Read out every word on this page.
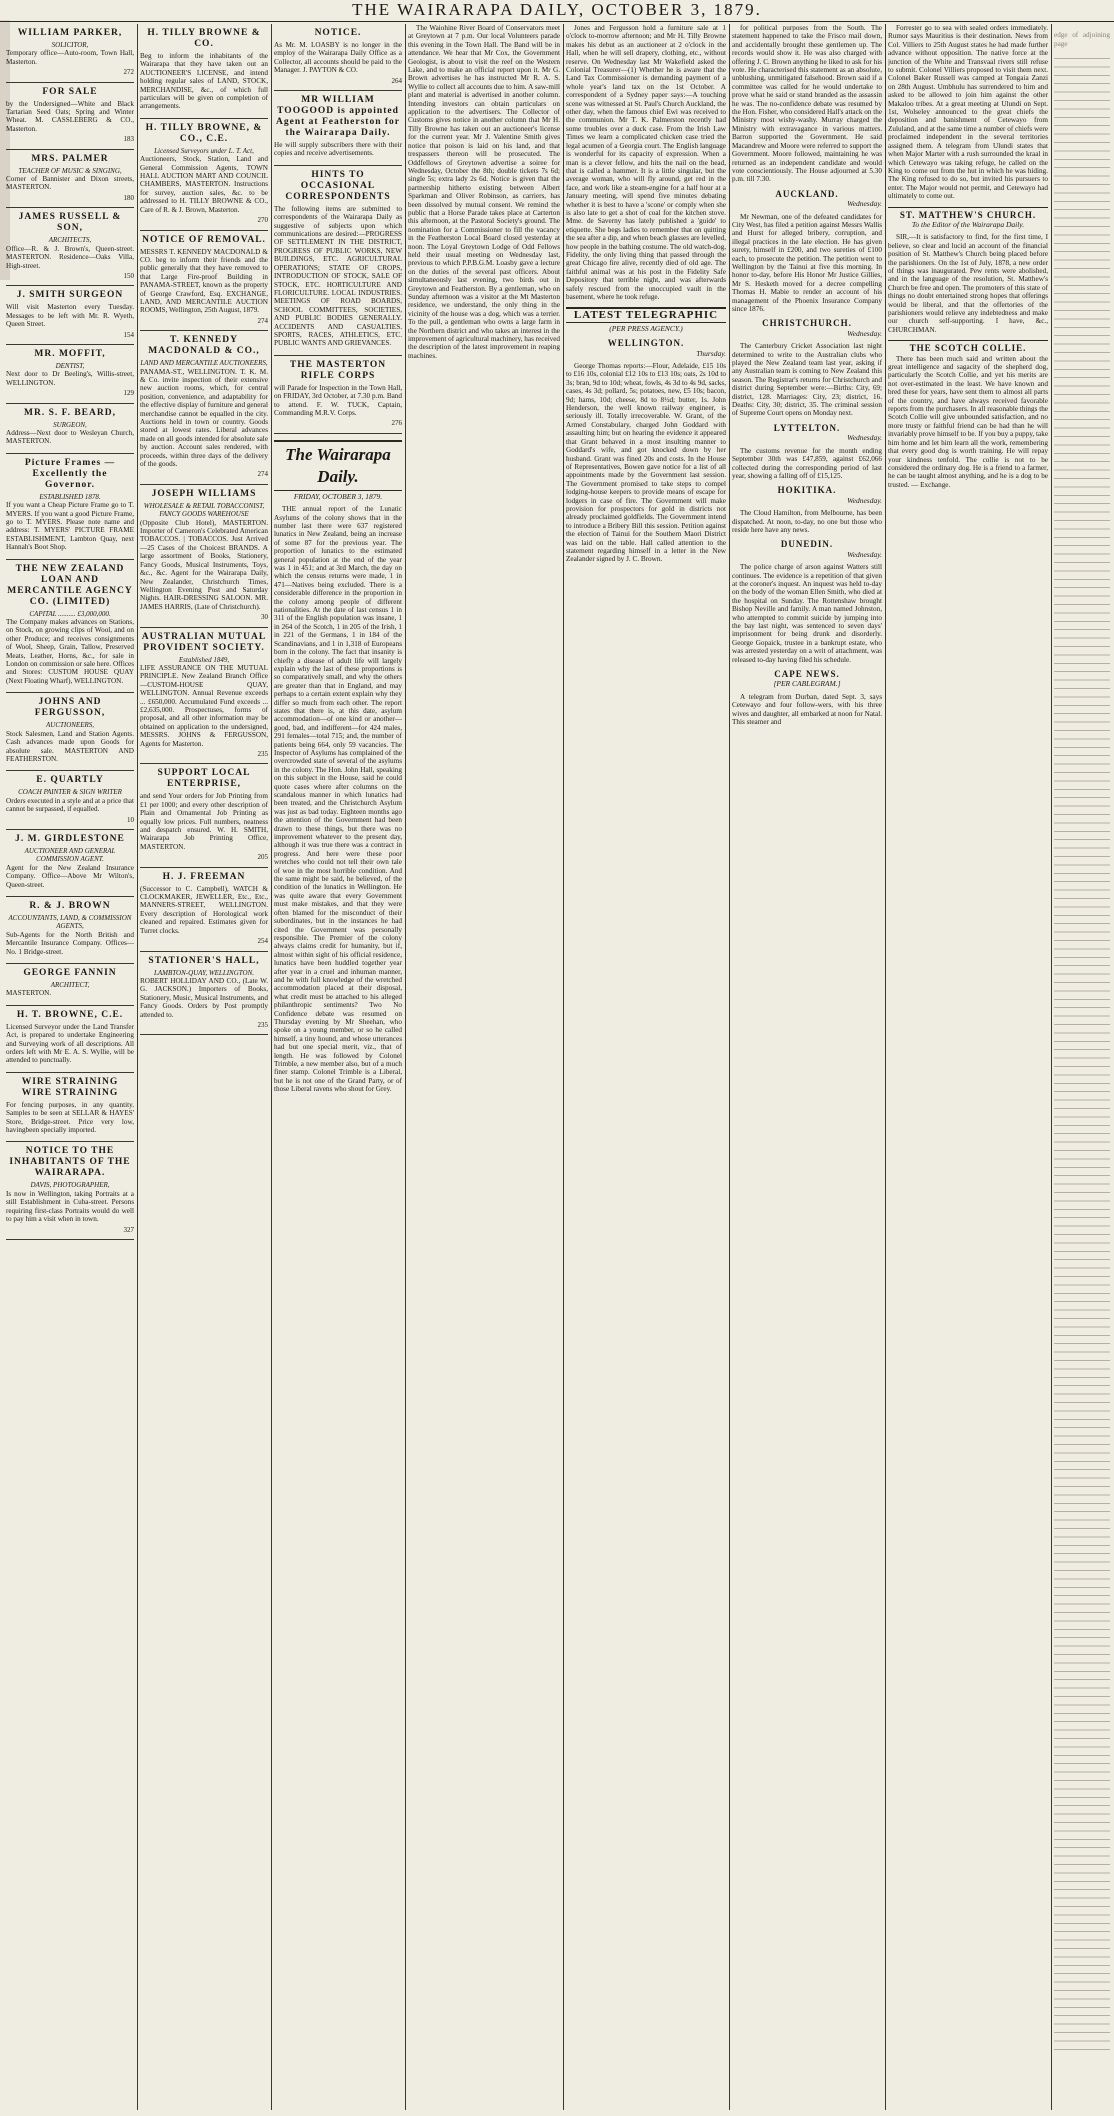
THE WAIRARAPA DAILY, OCTOBER 3, 1879.
WILLIAM PARKER,
SOLICITOR,

Temporary office—Auto-room, Town Hall, Masterton.

272
FOR SALE

by the Undersigned—White and Black Tartarian Seed Oats; Spring and Winter Wheat. M. CASSLEBERG & CO., Masterton.

183
MRS. PALMER
TEACHER OF MUSIC & SINGING,

Corner of Bannister and Dixon streets, MASTERTON.

180
JAMES RUSSELL & SON,
ARCHITECTS,

Office—R. & J. Brown's, Queen-street. MASTERTON. Residence—Oaks Villa, High-street.

150
J. SMITH SURGEON

Will visit Masterton every Tuesday. Messages to be left with Mr. R. Wyeth, Queen Street.

154
MR. MOFFIT,
DENTIST,

Next door to Dr Beeling's, Willis-street, WELLINGTON.

129
MR. S. F. BEARD,
SURGEON,

Address—Next door to Wesleyan Church, MASTERTON.

Picture Frames — Excellently the Governor.
ESTABLISHED 1878.

If you want a Cheap Picture Frame go to T. MYERS. If you want a good Picture Frame, go to T. MYERS. Please note name and address: T. MYERS' PICTURE FRAME ESTABLISHMENT, Lambton Quay, next Hannah's Boot Shop.

THE NEW ZEALAND LOAN AND MERCANTILE AGENCY CO. (LIMITED)
CAPITAL .......... £3,000,000.

The Company makes advances on Stations, on Stock, on growing clips of Wool, and on other Produce; and receives consignments of Wool, Sheep, Grain, Tallow, Preserved Meats, Leather, Horns, &c., for sale in London on commission or sale here. Offices and Stores: CUSTOM HOUSE QUAY (Next Floating Wharf), WELLINGTON.

JOHNS AND FERGUSSON,
AUCTIONEERS,

Stock Salesmen, Land and Station Agents. Cash advances made upon Goods for absolute sale. MASTERTON AND FEATHERSTON.

E. QUARTLY
COACH PAINTER & SIGN WRITER

Orders executed in a style and at a price that cannot be surpassed, if equalled.

10
J. M. GIRDLESTONE
AUCTIONEER AND GENERAL COMMISSION AGENT.

Agent for the New Zealand Insurance Company. Office—Above Mr Wilton's, Queen-street.

R. & J. BROWN
ACCOUNTANTS, LAND, & COMMISSION AGENTS,

Sub-Agents for the North British and Mercantile Insurance Company. Offices—No. 1 Bridge-street.

GEORGE FANNIN
ARCHITECT,

MASTERTON.

H. T. BROWNE, C.E.

Licensed Surveyor under the Land Transfer Act, is prepared to undertake Engineering and Surveying work of all descriptions. All orders left with Mr E. A. S. Wyllie, will be attended to punctually.

WIRE STRAINING WIRE STRAINING

For fencing purposes, in any quantity. Samples to be seen at SELLAR & HAYES' Store, Bridge-street. Price very low, havingbeen specially imported.

NOTICE TO THE INHABITANTS OF THE WAIRARAPA.
DAVIS, PHOTOGRAPHER,

Is now in Wellington, taking Portraits at a still Establishment in Cuba-street. Persons requiring first-class Portraits would do well to pay him a visit when in town.

327
H. TILLY BROWNE & CO.

Beg to inform the inhabitants of the Wairarapa that they have taken out an AUCTIONEER'S LICENSE, and intend holding regular sales of LAND, STOCK, MERCHANDISE, &c., of which full particulars will be given on completion of arrangements.

H. TILLY BROWNE, & CO., C.E.
Licensed Surveyors under L. T. Act,

Auctioneers, Stock, Station, Land and General Commission Agents, TOWN HALL AUCTION MART AND COUNCIL CHAMBERS, MASTERTON. Instructions for survey, auction sales, &c. to be addressed to H. TILLY BROWNE & CO., Care of R. & J. Brown, Masterton.

270
NOTICE OF REMOVAL.

MESSRS T. KENNEDY MACDONALD & CO. beg to inform their friends and the public generally that they have removed to that Large Fire-proof Building in PANAMA-STREET, known as the property of George Crawford, Esq. EXCHANGE, LAND, AND MERCANTILE AUCTION ROOMS, Wellington, 25th August, 1879.

274
T. KENNEDY MACDONALD & CO.,
LAND AND MERCANTILE AUCTIONEERS,

PANAMA-ST., WELLINGTON. T. K. M. & Co. invite inspection of their extensive new auction rooms, which, for central position, convenience, and adaptability for the effective display of furniture and general merchandise cannot be equalled in the city. Auctions held in town or country. Goods stored at lowest rates. Liberal advances made on all goods intended for absolute sale by auction. Account sales rendered, with proceeds, within three days of the delivery of the goods.

274
JOSEPH WILLIAMS
WHOLESALE & RETAIL TOBACCONIST, FANCY GOODS WAREHOUSE

(Opposite Club Hotel), MASTERTON. Importer of Cameron's Celebrated American TOBACCOS. | TOBACCOS. Just Arrived—25 Cases of the Choicest BRANDS. A large assortment of Books, Stationery, Fancy Goods, Musical Instruments, Toys, &c., &c. Agent for the Wairarapa Daily, New Zealander, Christchurch Times, Wellington Evening Post and Saturday Nights. HAIR-DRESSING SALOON. MR. JAMES HARRIS, (Late of Christchurch).

30
AUSTRALIAN MUTUAL PROVIDENT SOCIETY.
Established 1849,

LIFE ASSURANCE ON THE MUTUAL PRINCIPLE. New Zealand Branch Office—CUSTOM-HOUSE QUAY, WELLINGTON. Annual Revenue exceeds ... £650,000. Accumulated Fund exceeds ... £2,635,000. Prospectuses, forms of proposal, and all other information may be obtained on application to the undersigned, MESSRS. JOHNS & FERGUSSON, Agents for Masterton.

235
SUPPORT LOCAL ENTERPRISE,

and send Your orders for Job Printing from £1 per 1000; and every other description of Plain and Ornamental Job Printing as equally low prices. Full numbers, neatness and despatch ensured. W. H. SMITH, Wairarapa Job Printing Office, MASTERTON.

205
H. J. FREEMAN

(Successor to C. Campbell), WATCH & CLOCKMAKER, JEWELLER, Etc., Etc., MANNERS-STREET, WELLINGTON. Every description of Horological work cleaned and repaired. Estimates given for Turret clocks.

254
STATIONER'S HALL,
LAMBTON-QUAY, WELLINGTON.

ROBERT HOLLIDAY AND CO., (Late W. G. JACKSON.) Importers of Books, Stationery, Music, Musical Instruments, and Fancy Goods. Orders by Post promptly attended to.

235
NOTICE.

As Mr. M. LOASBY is no longer in the employ of the Wairarapa Daily Office as a Collector, all accounts should be paid to the Manager. J. PAYTON & CO.

264
MR WILLIAM TOOGOOD is appointed Agent at Featherston for the Wairarapa Daily.

He will supply subscribers there with their copies and receive advertisements.

HINTS TO OCCASIONAL CORRESPONDENTS

The following items are submitted to correspondents of the Wairarapa Daily as suggestive of subjects upon which communications are desired:—PROGRESS OF SETTLEMENT IN THE DISTRICT, PROGRESS OF PUBLIC WORKS, NEW BUILDINGS, ETC. AGRICULTURAL OPERATIONS; STATE OF CROPS, INTRODUCTION OF STOCK, SALE OF STOCK, ETC. HORTICULTURE AND FLORICULTURE. LOCAL INDUSTRIES. MEETINGS OF ROAD BOARDS, SCHOOL COMMITTEES, SOCIETIES, AND PUBLIC BODIES GENERALLY. ACCIDENTS AND CASUALTIES. SPORTS, RACES, ATHLETICS, ETC. PUBLIC WANTS AND GRIEVANCES.

THE MASTERTON RIFLE CORPS

will Parade for Inspection in the Town Hall, on FRIDAY, 3rd October, at 7.30 p.m. Band to attend. F. W. TUCK, Captain, Commanding M.R.V. Corps.

276
The Wairarapa Daily.
FRIDAY, OCTOBER 3, 1879.

THE annual report of the Lunatic Asylums of the colony shows that in the number last there were 637 registered lunatics in New Zealand, being an increase of some 87 for the previous year. The proportion of lunatics to the estimated general population at the end of the year was 1 in 451; and at 3rd March, the day on which the census returns were made, 1 in 471—Natives being excluded. There is a considerable difference in the proportion in the colony among people of different nationalities. At the date of last census 1 in 311 of the English population was insane, 1 in 264 of the Scotch, 1 in 205 of the Irish, 1 in 221 of the Germans, 1 in 184 of the Scandinavians, and 1 in 1,318 of Europeans born in the colony. The fact that insanity is chiefly a disease of adult life will largely explain why the last of these proportions is so comparatively small, and why the others are greater than that in England, and may perhaps to a certain extent explain why they differ so much from each other. The report states that there is, at this date, asylum accommodation—of one kind or another—good, bad, and indifferent—for 424 males, 291 females—total 715; and, the number of patients being 664, only 59 vacancies. The Inspector of Asylums has complained of the overcrowded state of several of the asylums in the colony. The Hon. John Hall, speaking on this subject in the House, said he could quote cases where after columns on the scandalous manner in which lunatics had been treated, and the Christchurch Asylum was just as bad today. Eighteen months ago the attention of the Government had been drawn to these things, but there was no improvement whatever to the present day, although it was true there was a contract in progress. And here were these poor wretches who could not tell their own tale of woe in the most horrible condition. And the same might be said, he believed, of the condition of the lunatics in Wellington. He was quite aware that every Government must make mistakes, and that they were often blamed for the misconduct of their subordinates, but in the instances he had cited the Government was personally responsible. The Premier of the colony always claims credit for humanity, but if, almost within sight of his official residence, lunatics have been huddled together year after year in a cruel and inhuman manner, and he with full knowledge of the wretched accommodation placed at their disposal, what credit must be attached to his alleged philanthropic sentiments? Two No Confidence debate was resumed on Thursday evening by Mr Sheehan, who spoke on a young member, or so he called himself, a tiny hound, and whose utterances had but one special merit, viz., that of length. He was followed by Colonel Trimble, a new member also, but of a much finer stamp. Colonel Trimble is a Liberal, but he is not one of the Grand Party, or of those Liberal ravens who shout for Grey.

The Waiohine River Board of Conservators meet at Greytown at 7 p.m. Our local Volunteers parade this evening in the Town Hall. The Band will be in attendance. We hear that Mr Cox, the Government Geologist, is about to visit the reef on the Western Lake, and to make an official report upon it. Mr G. Brown advertises he has instructed Mr R. A. S. Wyllie to collect all accounts due to him. A saw-mill plant and material is advertised in another column. Intending investors can obtain particulars on application to the advertisers. The Collector of Customs gives notice in another column that Mr H. Tilly Browne has taken out an auctioneer's license for the current year. Mr J. Valentine Smith gives notice that poison is laid on his land, and that trespassers thereon will be prosecuted. The Oddfellows of Greytown advertise a soiree for Wednesday, October the 8th; double tickets 7s 6d; single 5s; extra lady 2s 6d. Notice is given that the partnership hitherto existing between Albert Sparkman and Oliver Robinson, as carriers, has been dissolved by mutual consent. We remind the public that a Horse Parade takes place at Carterton this afternoon, at the Pastoral Society's ground. The nomination for a Commissioner to fill the vacancy in the Featherston Local Board closed yesterday at noon. The Loyal Greytown Lodge of Odd Fellows held their usual meeting on Wednesday last, previous to which P.P.B.G.M. Loasby gave a lecture on the duties of the several past officers. About simultaneously last evening, two birds out in Greytown and Featherston. By a gentleman, who on Sunday afternoon was a visitor at the Mt Masterton residence, we understand, the only thing in the vicinity of the house was a dog, which was a terrier. To the pull, a gentleman who owns a large farm in the Northern district and who takes an interest in the improvement of agricultural machinery, has received the description of the latest improvement in reaping machines.

Jones and Fergusson hold a furniture sale at 1 o'clock to-morrow afternoon; and Mr H. Tilly Browne makes his debut as an auctioneer at 2 o'clock in the Hall, when he will sell drapery, clothing, etc., without reserve. On Wednesday last Mr Wakefield asked the Colonial Treasurer—(1) Whether he is aware that the Land Tax Commissioner is demanding payment of a whole year's land tax on the 1st October. A correspondent of a Sydney paper says:—A touching scene was witnessed at St. Paul's Church Auckland, the other day, when the famous chief Ewi was received to the communion. Mr T. K. Palmerston recently had some troubles over a duck case. From the Irish Law Times we learn a complicated chicken case tried the legal acumen of a Georgia court. The English language is wonderful for its capacity of expression. When a man is a clever fellow, and hits the nail on the head, that is called a hammer. It is a little singular, but the average woman, who will fly around, get red in the face, and work like a steam-engine for a half hour at a January meeting, will spend five minutes debating whether it is best to have a 'scone' or comply when she is also late to get a shot of coal for the kitchen stove. Mme. de Saverny has lately published a 'guide' to etiquette. She begs ladies to remember that on quitting the sea after a dip, and when beach glasses are levelled, how people in the bathing costume. The old watch-dog, Fidelity, the only living thing that passed through the great Chicago fire alive, recently died of old age. The faithful animal was at his post in the Fidelity Safe Depository that terrible night, and was afterwards safely rescued from the unoccupied vault in the basement, where he took refuge.

LATEST TELEGRAPHIC
(PER PRESS AGENCY.)
WELLINGTON.
Thursday.

George Thomas reports:—Flour, Adelaide, £15 10s to £16 10s, colonial £12 10s to £13 10s; oats, 2s 10d to 3s; bran, 9d to 10d; wheat, fowls, 4s 3d to 4s 9d, sacks, cases, 4s 3d; pollard, 5s; potatoes, new, £5 10s; bacon, 9d; hams, 10d; cheese, 8d to 8½d; butter, 1s. John Henderson, the well known railway engineer, is seriously ill. Totally irrecoverable. W. Grant, of the Armed Constabulary, charged John Goddard with assaulting him; but on hearing the evidence it appeared that Grant behaved in a most insulting manner to Goddard's wife, and got knocked down by her husband. Grant was fined 20s and costs. In the House of Representatives, Bowen gave notice for a list of all appointments made by the Government last session. The Government promised to take steps to compel lodging-house keepers to provide means of escape for lodgers in case of fire. The Government will make provision for prospectors for gold in districts not already proclaimed goldfields. The Government intend to introduce a Bribery Bill this session. Petition against the election of Tainui for the Southern Maori District was laid on the table. Hall called attention to the statement regarding himself in a letter in the New Zealander signed by J. C. Brown.

for political purposes from the South. The statement happened to take the Frisco mail down, and accidentally brought these gentlemen up. The records would show it. He was also charged with offering J. C. Brown anything he liked to ask for his vote. He characterised this statement as an absolute, unblushing, unmitigated falsehood. Brown said if a committee was called for he would undertake to prove what he said or stand branded as the assassin he was. The no-confidence debate was resumed by the Hon. Fisher, who considered Hall's attack on the Ministry most wishy-washy. Murray charged the Ministry with extravagance in various matters. Barron supported the Government. He said Macandrew and Moore were referred to support the Government. Moore followed, maintaining he was returned as an independent candidate and would vote conscientiously. The House adjourned at 5.30 p.m. till 7.30.

AUCKLAND.
Wednesday.

Mr Newman, one of the defeated candidates for City West, has filed a petition against Messrs Wallis and Hurst for alleged bribery, corruption, and illegal practices in the late election. He has given surety, himself in £200, and two sureties of £100 each, to prosecute the petition. The petition went to Wellington by the Tainui at five this morning. In honor to-day, before His Honor Mr Justice Gillies, Mr S. Hesketh moved for a decree compelling Thomas H. Mabie to render an account of his management of the Phoenix Insurance Company since 1876.

CHRISTCHURCH.
Wednesday.

The Canterbury Cricket Association last night determined to write to the Australian clubs who played the New Zealand team last year, asking if any Australian team is coming to New Zealand this season. The Registrar's returns for Christchurch and district during September were:—Births: City, 69; district, 128. Marriages: City, 23; district, 16. Deaths: City, 30; district, 35. The criminal session of Supreme Court opens on Monday next.

LYTTELTON.
Wednesday.

The customs revenue for the month ending September 30th was £47,859, against £62,066 collected during the corresponding period of last year, showing a falling off of £15,125.

HOKITIKA.
Wednesday.

The Cloud Hamilton, from Melbourne, has been dispatched. At noon, to-day, no one but those who reside here have any news.

DUNEDIN.
Wednesday.

The police charge of arson against Watters still continues. The evidence is a repetition of that given at the coroner's inquest. An inquest was held to-day on the body of the woman Ellen Smith, who died at the hospital on Sunday. The Rottenshaw brought Bishop Neville and family. A man named Johnston, who attempted to commit suicide by jumping into the bay last night, was sentenced to seven days' imprisonment for being drunk and disorderly. George Gopaick, trustee in a bankrupt estate, who was arrested yesterday on a writ of attachment, was released to-day having filed his schedule.

CAPE NEWS.
[PER CABLEGRAM.]

A telegram from Durban, dated Sept. 3, says Cetewayo and four follow-wers, with his three wives and daughter, all embarked at noon for Natal. This steamer and

Forrester go to sea with sealed orders immediately. Rumor says Mauritius is their destination. News from Col. Villiers to 25th August states he had made further advance without opposition. The native force at the junction of the White and Transvaal rivers still refuse to submit. Colonel Villiers proposed to visit them next. Colonel Baker Russell was camped at Tongaia Zanzi on 28th August. Umbhulu has surrendered to him and asked to be allowed to join him against the other Makaloo tribes. At a great meeting at Ulundi on Sept. 1st, Wolseley announced to the great chiefs the deposition and banishment of Cetewayo from Zululand, and at the same time a number of chiefs were proclaimed independent in the several territories assigned them. A telegram from Ulundi states that when Major Marter with a rush surrounded the kraal in which Cetewayo was taking refuge, he called on the King to come out from the hut in which he was hiding. The King refused to do so, but invited his pursuers to enter. The Major would not permit, and Cetewayo had ultimately to come out.

ST. MATTHEW'S CHURCH.
To the Editor of the Wairarapa Daily.

SIR,—It is satisfactory to find, for the first time, I believe, so clear and lucid an account of the financial position of St. Matthew's Church being placed before the parishioners. On the 1st of July, 1878, a new order of things was inaugurated. Pew rents were abolished, and in the language of the resolution, St. Matthew's Church be free and open. The promoters of this state of things no doubt entertained strong hopes that offerings would be liberal, and that the offertories of the parishioners would relieve any indebtedness and make our church self-supporting. I have, &c., CHURCHMAN.

THE SCOTCH COLLIE.

There has been much said and written about the great intelligence and sagacity of the shepherd dog, particularly the Scotch Collie, and yet his merits are not over-estimated in the least. We have known and bred these for years, have sent them to almost all parts of the country, and have always received favorable reports from the purchasers. In all reasonable things the Scotch Collie will give unbounded satisfaction, and no more trusty or faithful friend can be had than he will invariably prove himself to be. If you buy a puppy, take him home and let him learn all the work, remembering that every good dog is worth training. He will repay your kindness tenfold. The collie is not to be considered the ordinary dog. He is a friend to a farmer, he can be taught almost anything, and he is a dog to be trusted. — Exchange.

edge of adjoining page
